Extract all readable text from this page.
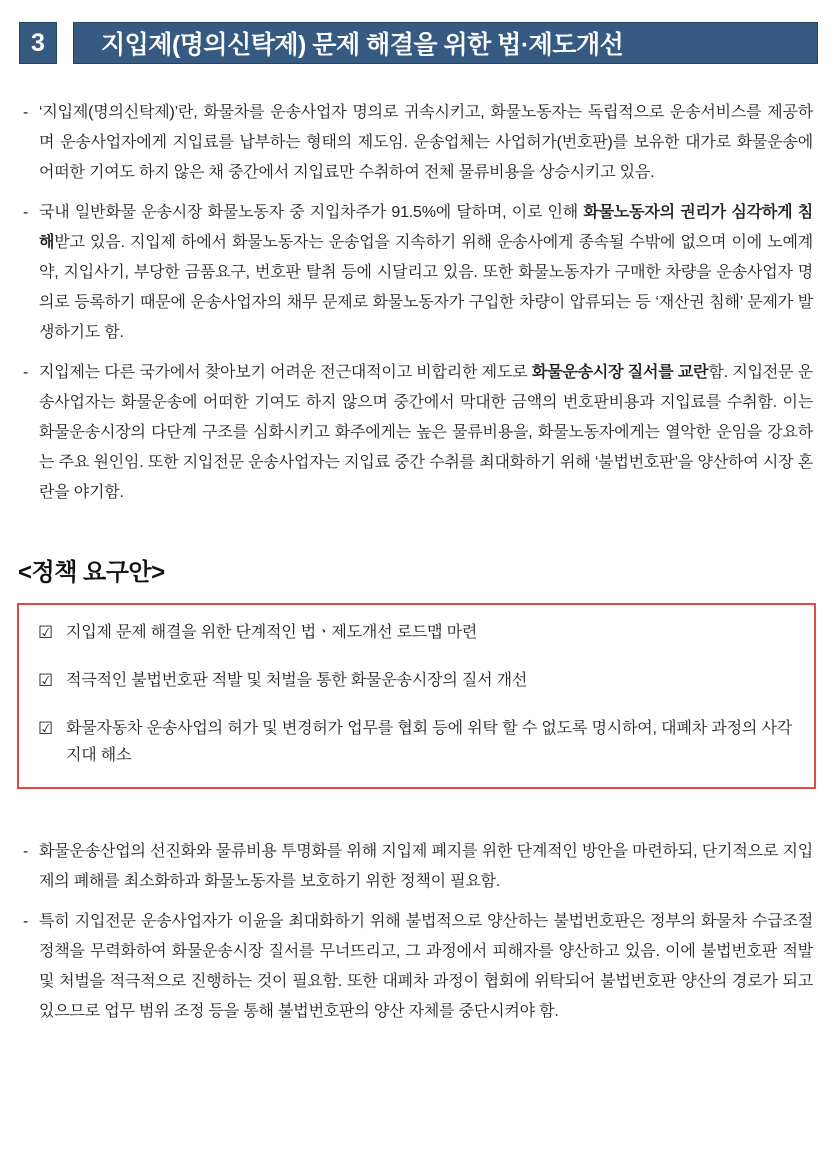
3 지입제(명의신탁제) 문제 해결을 위한 법·제도개선

- ‘지입제(명의신탁제)’란, 화물차를 운송사업자 명의로 귀속시키고, 화물노동자는 독립적으로 운송서비스를 제공하며 운송사업자에게 지입료를 납부하는 형태의 제도임. 운송업체는 사업허가(번호판)를 보유한 대가로 화물운송에 어떠한 기여도 하지 않은 채 중간에서 지입료만 수취하여 전체 물류비용을 상승시키고 있음.

- 국내 일반화물 운송시장 화물노동자 중 지입차주가 91.5%에 달하며, 이로 인해 화물노동자의 권리가 심각하게 침해받고 있음. 지입제 하에서 화물노동자는 운송업을 지속하기 위해 운송사에게 종속될 수밖에 없으며 이에 노예계약, 지입사기, 부당한 금품요구, 번호판 탈취 등에 시달리고 있음. 또한 화물노동자가 구매한 차량을 운송사업자 명의로 등록하기 때문에 운송사업자의 채무 문제로 화물노동자가 구입한 차량이 압류되는 등 ‘재산권 침해’ 문제가 발생하기도 함.

- 지입제는 다른 국가에서 찾아보기 어려운 전근대적이고 비합리한 제도로 화물운송시장 질서를 교란함. 지입전문 운송사업자는 화물운송에 어떠한 기여도 하지 않으며 중간에서 막대한 금액의 번호판비용과 지입료를 수취함. 이는 화물운송시장의 다단계 구조를 심화시키고 화주에게는 높은 물류비용을, 화물노동자에게는 열악한 운임을 강요하는 주요 원인임. 또한 지입전문 운송사업자는 지입료 중간 수취를 최대화하기 위해 ‘불법번호판’을 양산하여 시장 혼란을 야기함.

<정책 요구안>
☑ 지입제 문제 해결을 위한 단계적인 법ㆍ제도개선 로드맵 마련
☑ 적극적인 불법번호판 적발 및 처벌을 통한 화물운송시장의 질서 개선
☑ 화물자동차 운송사업의 허가 및 변경허가 업무를 협회 등에 위탁 할 수 없도록 명시하여, 대폐차 과정의 사각지대 해소

- 화물운송산업의 선진화와 물류비용 투명화를 위해 지입제 폐지를 위한 단계적인 방안을 마련하되, 단기적으로 지입제의 폐해를 최소화하과 화물노동자를 보호하기 위한 정책이 필요함.

- 특히 지입전문 운송사업자가 이윤을 최대화하기 위해 불법적으로 양산하는 불법번호판은 정부의 화물차 수급조절 정책을 무력화하여 화물운송시장 질서를 무너뜨리고, 그 과정에서 피해자를 양산하고 있음. 이에 불법번호판 적발 및 처벌을 적극적으로 진행하는 것이 필요함. 또한 대폐차 과정이 협회에 위탁되어 불법번호판 양산의 경로가 되고 있으므로 업무 범위 조정 등을 통해 불법번호판의 양산 자체를 중단시켜야 함.
